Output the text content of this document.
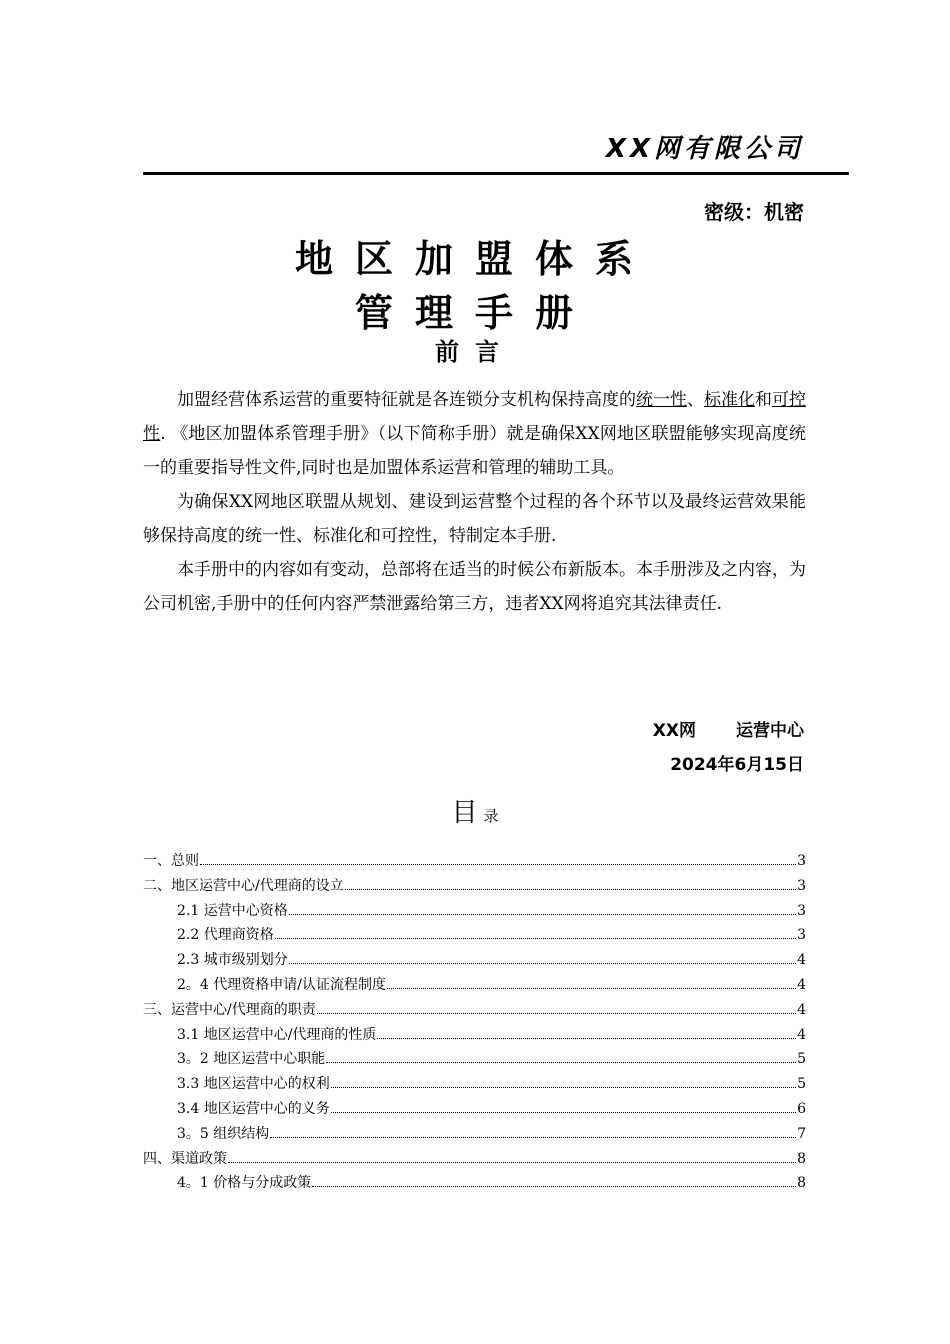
XX网有限公司
密级：机密
地区加盟体系
管理手册
前言

加盟经营体系运营的重要特征就是各连锁分支机构保持高度的统一性、标准化和可控性. 《地区加盟体系管理手册》（以下简称手册）就是确保XX网地区联盟能够实现高度统一的重要指导性文件,同时也是加盟体系运营和管理的辅助工具。

为确保XX网地区联盟从规划、建设到运营整个过程的各个环节以及最终运营效果能够保持高度的统一性、标准化和可控性，特制定本手册.

本手册中的内容如有变动，总部将在适当的时候公布新版本。本手册涉及之内容，为公司机密,手册中的任何内容严禁泄露给第三方，违者XX网将追究其法律责任.

XX网 运营中心
2024年6月15日
目录
一、总则	3
二、地区运营中心/代理商的设立	3
2.1 运营中心资格	3
2.2 代理商资格	3
2.3 城市级别划分	4
2。4 代理资格申请/认证流程制度	4
三、运营中心/代理商的职责	4
3.1 地区运营中心/代理商的性质	4
3。2 地区运营中心职能	5
3.3 地区运营中心的权利	5
3.4 地区运营中心的义务	6
3。5 组织结构	7
四、渠道政策	8
4。1 价格与分成政策	8
